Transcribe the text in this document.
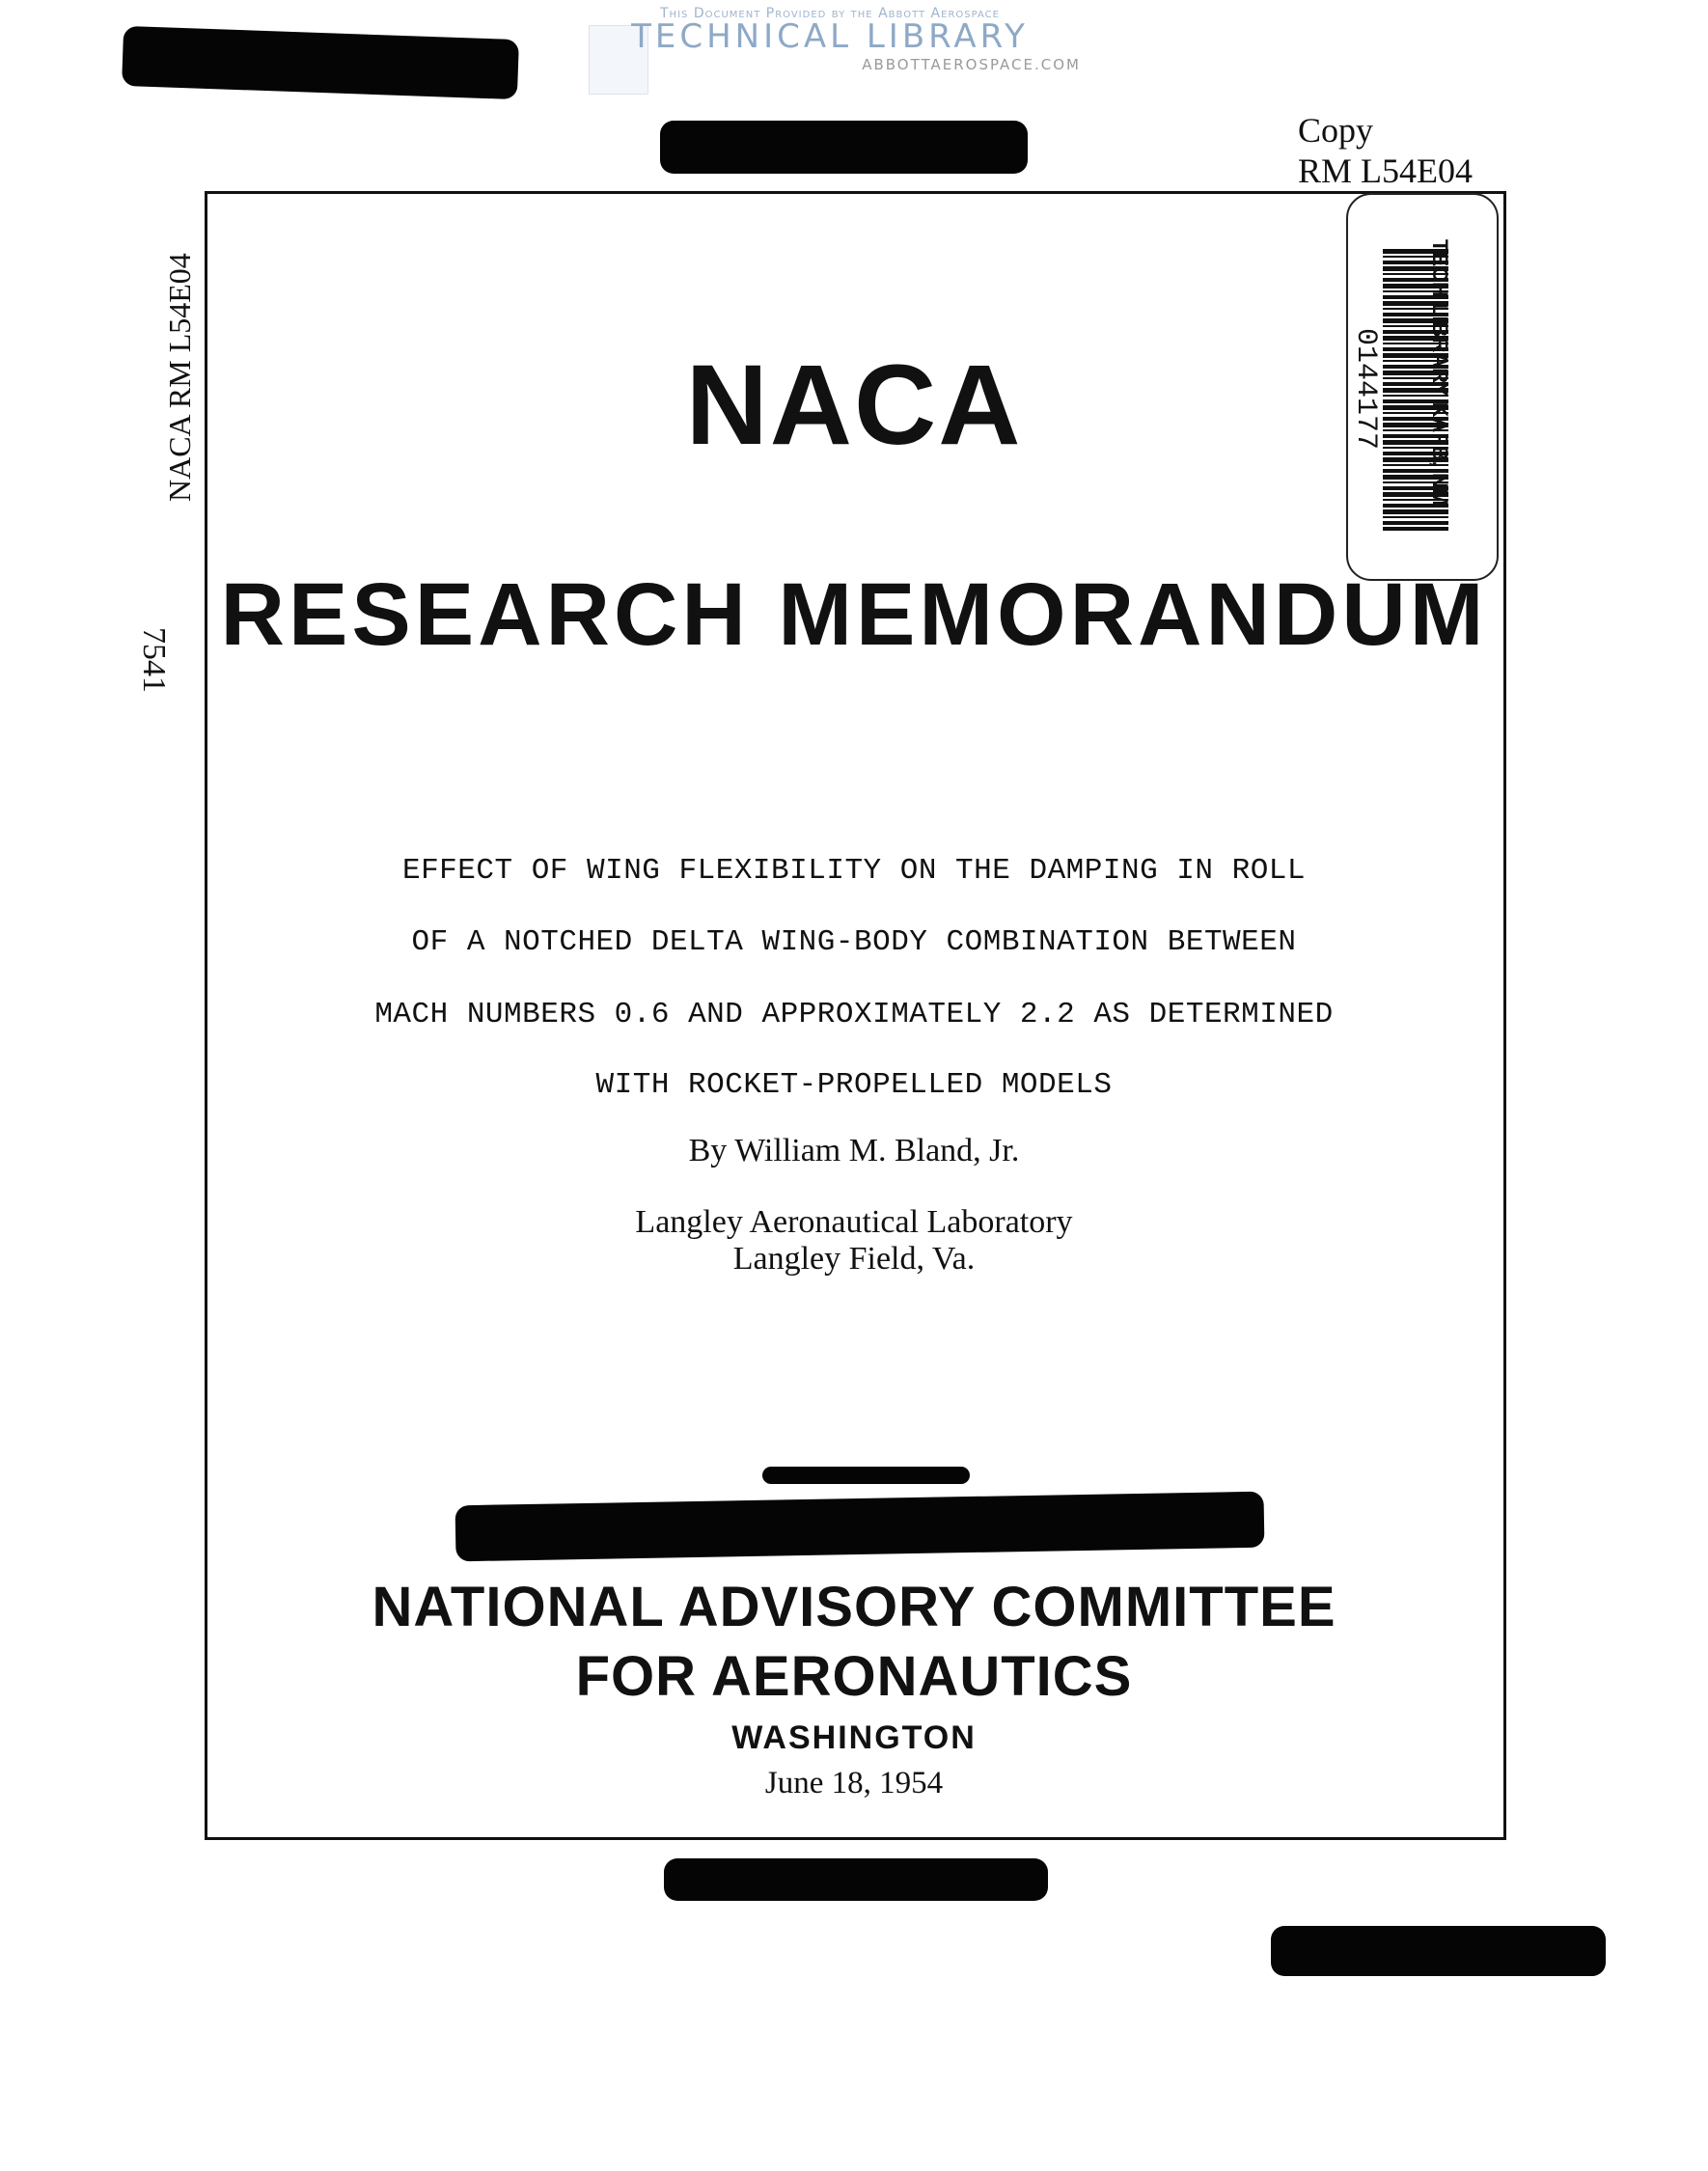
This Document Provided by the Abbott Aerospace
TECHNICAL LIBRARY
ABBOTTAEROSPACE.COM
Copy
RM L54E04
TECH LIBRARY KAFB, NM
0144177
NACA RM L54E04
7541
NACA
RESEARCH MEMORANDUM
EFFECT OF WING FLEXIBILITY ON THE DAMPING IN ROLL
OF A NOTCHED DELTA WING-BODY COMBINATION BETWEEN
MACH NUMBERS 0.6 AND APPROXIMATELY 2.2 AS DETERMINED
WITH ROCKET-PROPELLED MODELS
By William M. Bland, Jr.
Langley Aeronautical Laboratory
Langley Field, Va.
NATIONAL ADVISORY COMMITTEE
FOR AERONAUTICS
WASHINGTON
June 18, 1954
